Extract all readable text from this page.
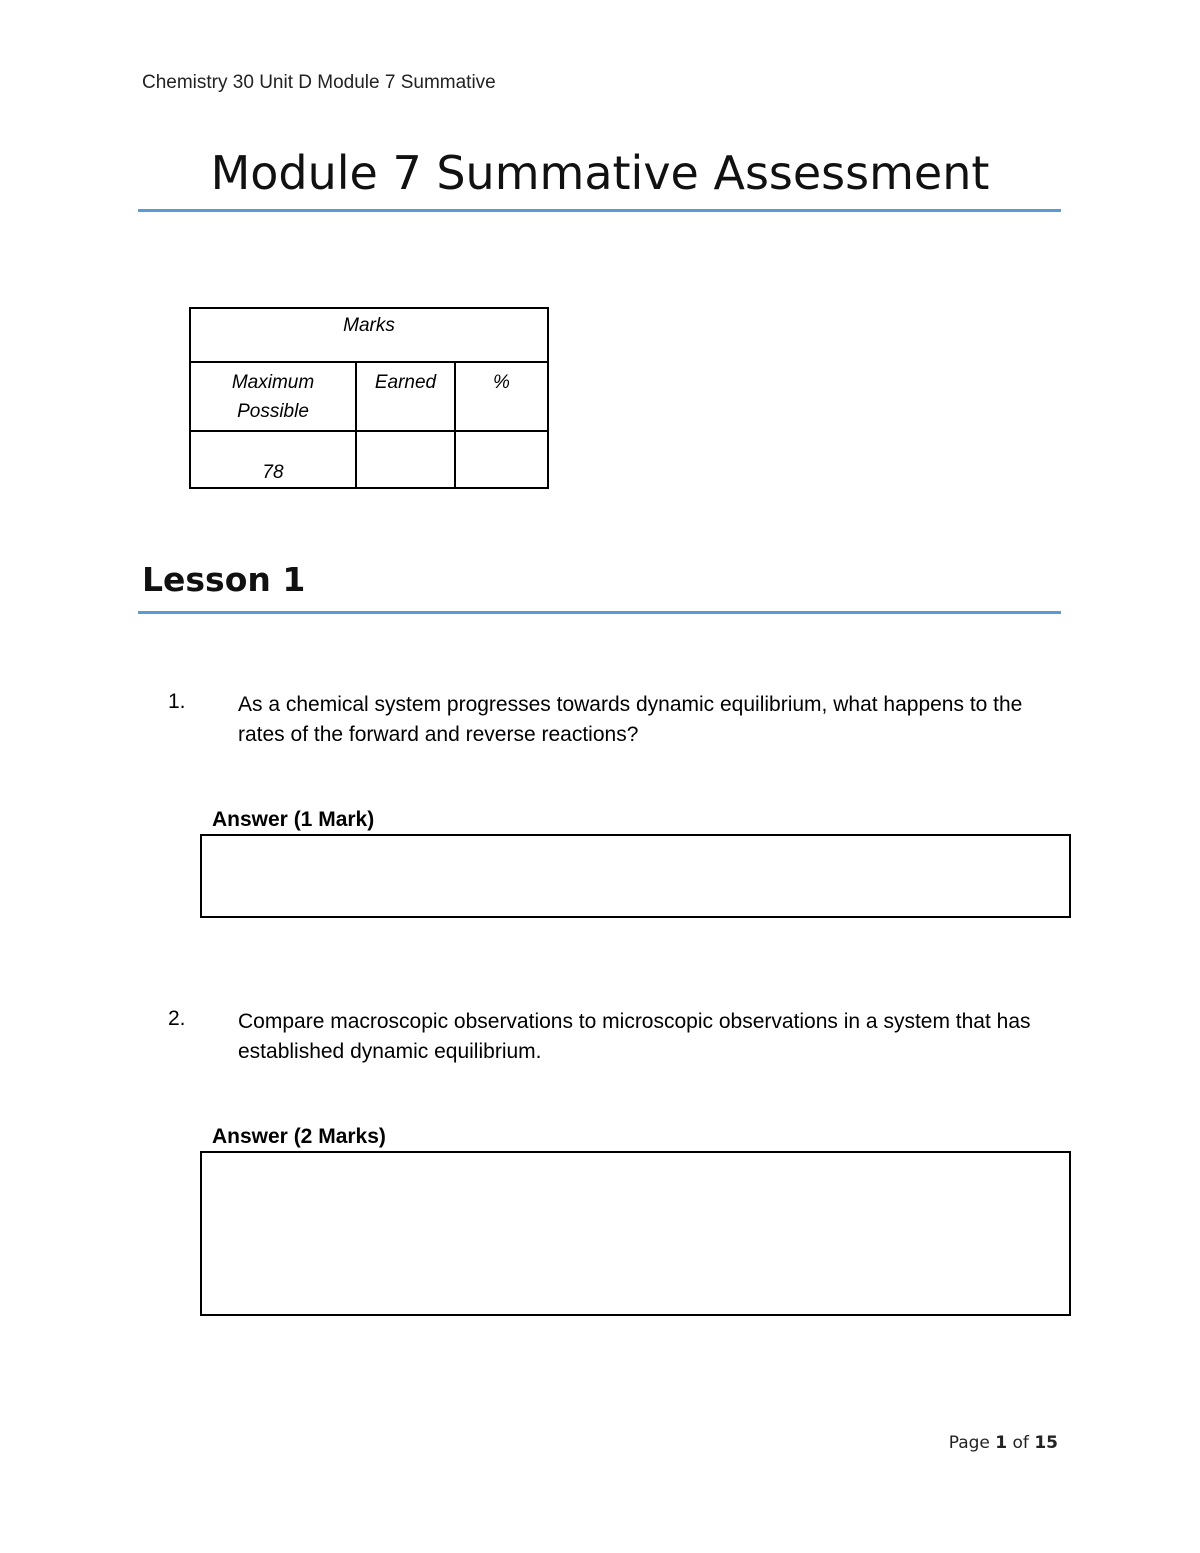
Chemistry 30 Unit D Module 7 Summative
Module 7 Summative Assessment
Marks		
Maximum Possible	Earned	%
78		
Lesson 1
1. As a chemical system progresses towards dynamic equilibrium, what happens to the rates of the forward and reverse reactions?
Answer (1 Mark)
2. Compare macroscopic observations to microscopic observations in a system that has established dynamic equilibrium.
Answer (2 Marks)
Page 1 of 15
